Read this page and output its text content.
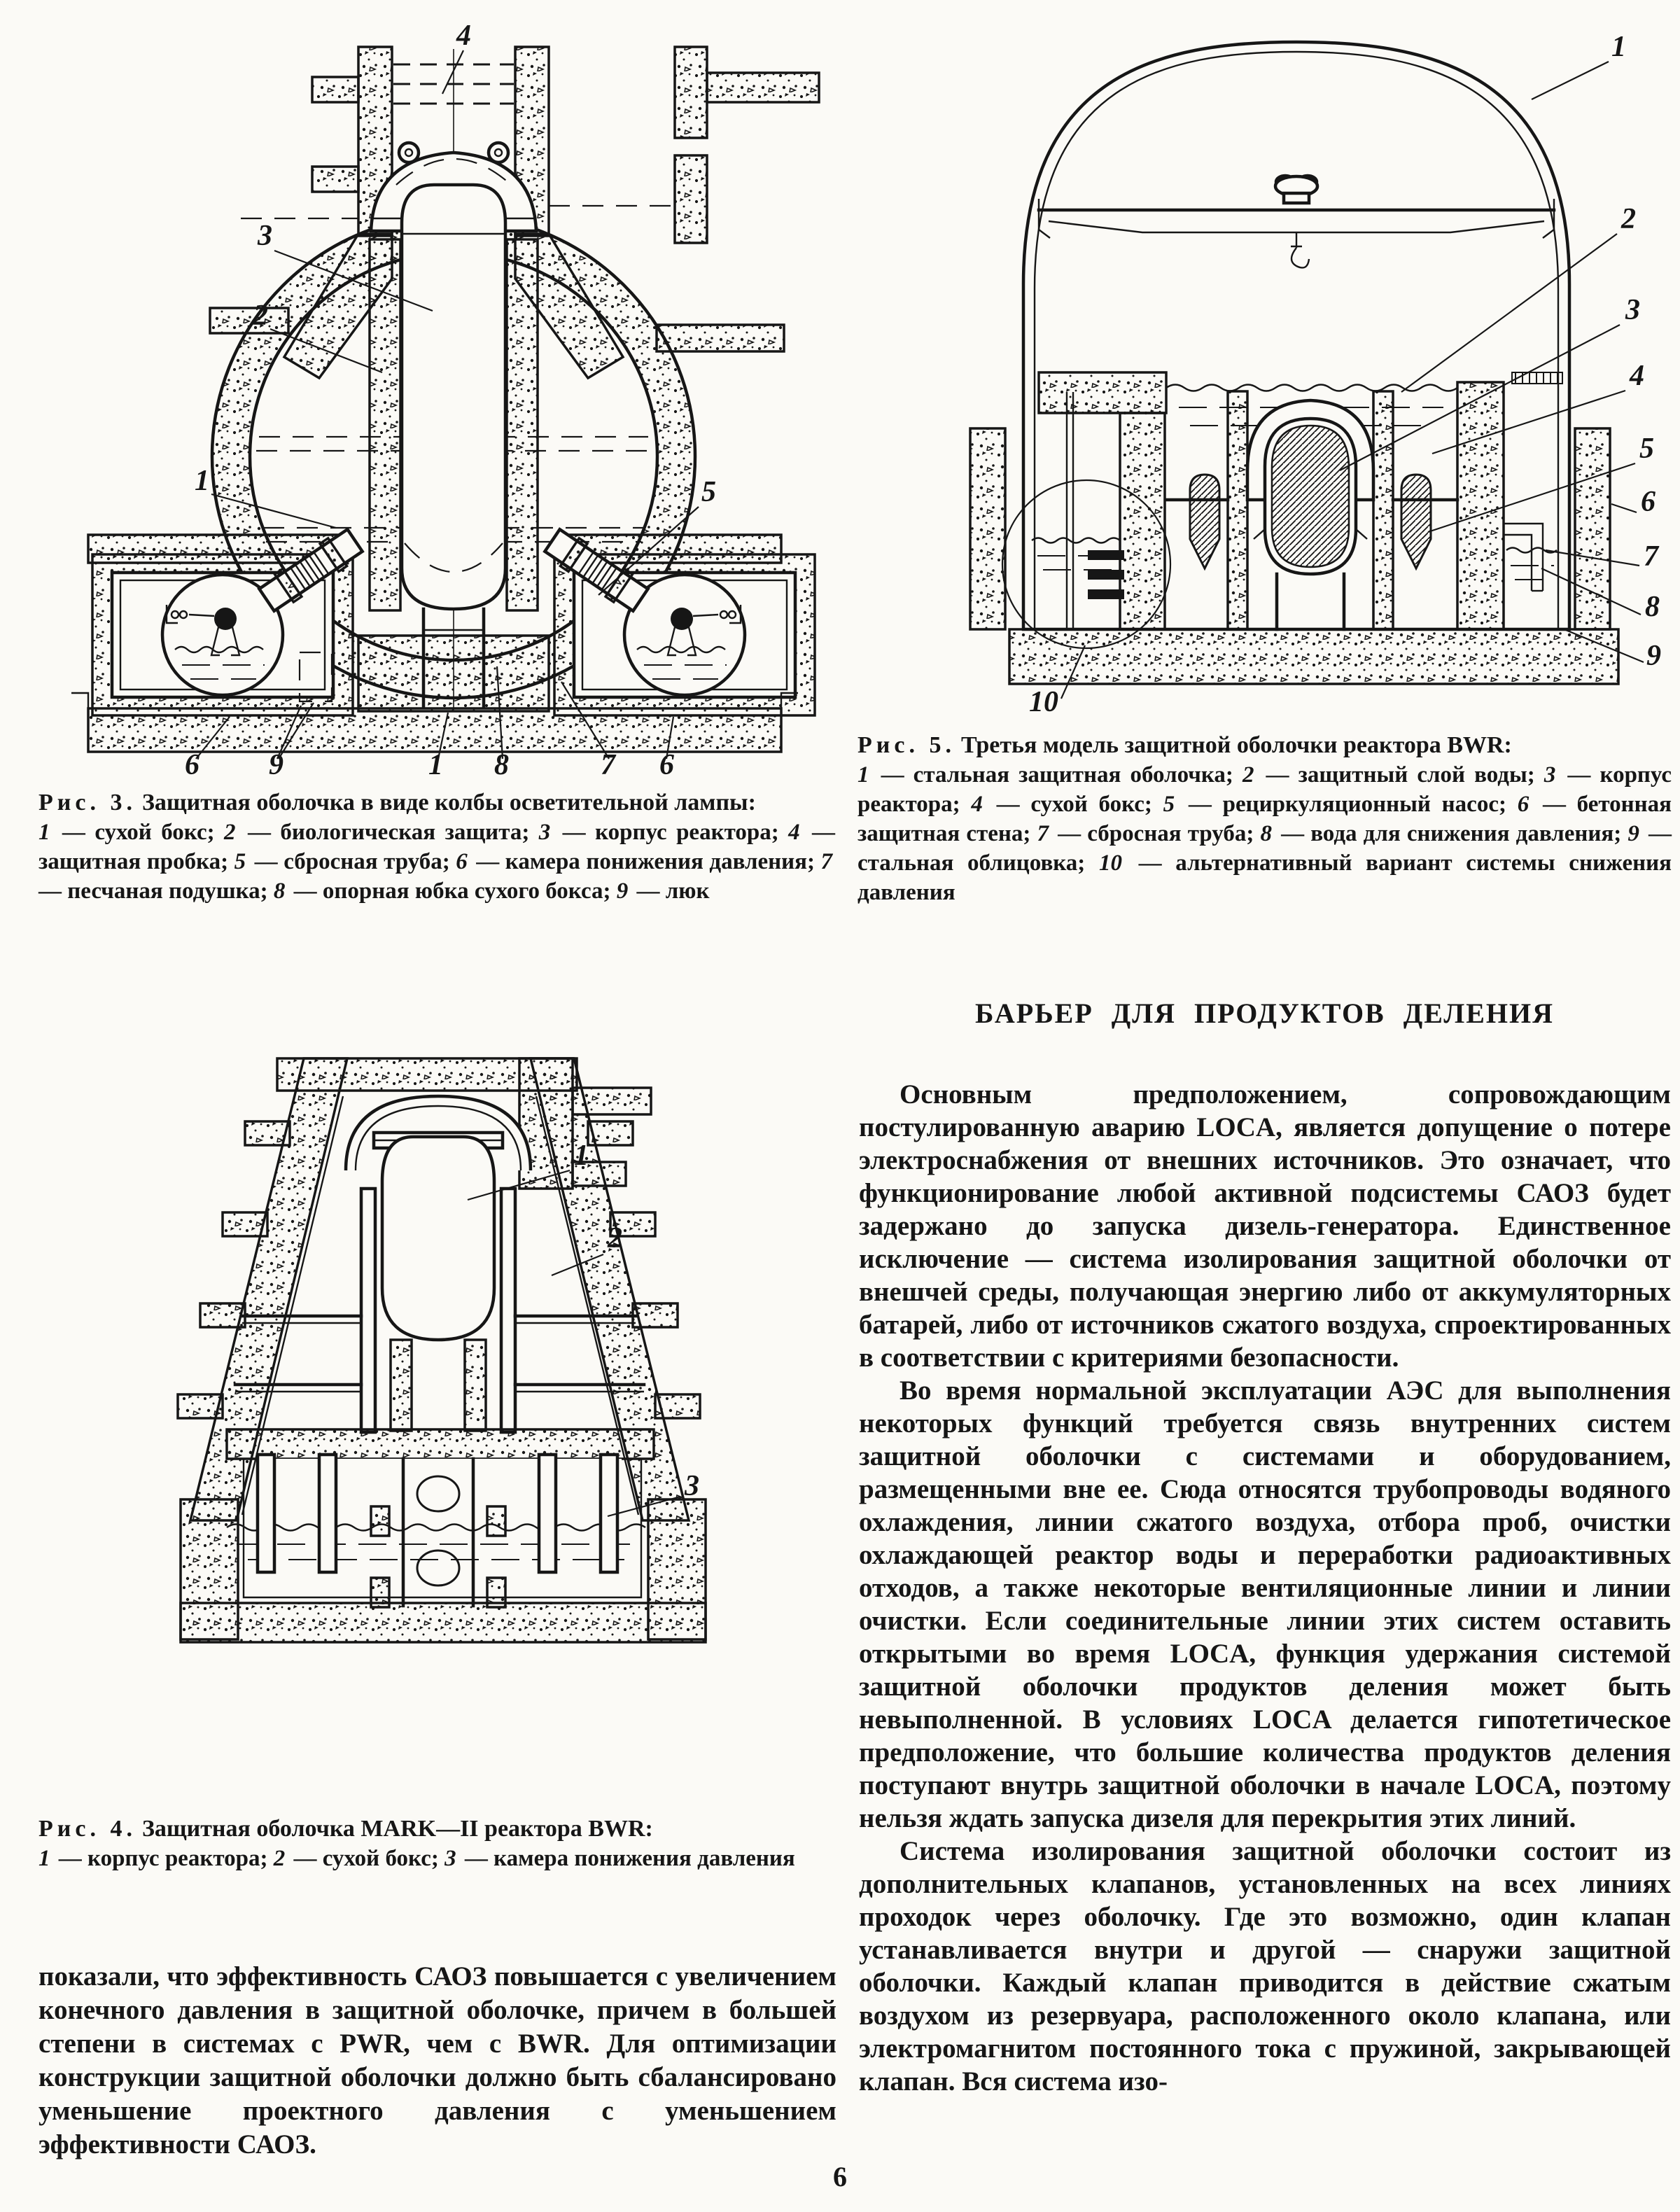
4
3
2
1	5
6 9	1 8	7 6
1
2
3
4
5
6
7
8
9
10
1
2
3

Рис. 3. Защитная оболочка в виде колбы осветительной лампы:

1 — сухой бокс; 2 — биологическая защита; 3 — корпус реактора; 4 — защитная пробка; 5 — сбросная труба; 6 — камера понижения давления; 7 — песчаная подушка; 8 — опорная юбка сухого бокса; 9 — люк

Рис. 5. Третья модель защитной оболочки реактора BWR:

1 — стальная защитная оболочка; 2 — защитный слой воды; 3 — корпус реактора; 4 — сухой бокс; 5 — рециркуляционный насос; 6 — бетонная защитная стена; 7 — сбросная труба; 8 — вода для снижения давления; 9 — стальная облицовка; 10 — альтернативный вариант системы снижения давления

БАРЬЕР ДЛЯ ПРОДУКТОВ ДЕЛЕНИЯ

Основным предположением, сопровождающим постулированную аварию LOCA, является допущение о потере электроснабжения от внешних источников. Это означает, что функционирование любой активной подсистемы САОЗ будет задержано до запуска дизель-генератора. Единственное исключение — система изолирования защитной оболочки от внешчей среды, получающая энергию либо от аккумуляторных батарей, либо от источников сжатого воздуха, спроектированных в соответствии с критериями безопасности.

Во время нормальной эксплуатации АЭС для выполнения некоторых функций требуется связь внутренних систем защитной оболочки с системами и оборудованием, размещенными вне ее. Сюда относятся трубопроводы водяного охлаждения, линии сжатого воздуха, отбора проб, очистки охлаждающей реактор воды и переработки радиоактивных отходов, а также некоторые вентиляционные линии и линии очистки. Если соединительные линии этих систем оставить открытыми во время LOCA, функция удержания системой защитной оболочки продуктов деления может быть невыполненной. В условиях LOCA делается гипотетическое предположение, что большие количества продуктов деления поступают внутрь защитной оболочки в начале LOCA, поэтому нельзя ждать запуска дизеля для перекрытия этих линий.

Система изолирования защитной оболочки состоит из дополнительных клапанов, установленных на всех линиях проходок через оболочку. Где это возможно, один клапан устанавливается внутри и другой — снаружи защитной оболочки. Каждый клапан приводится в действие сжатым воздухом из резервуара, расположенного около клапана, или электромагнитом постоянного тока с пружиной, закрывающей клапан. Вся система изо-

Рис. 4. Защитная оболочка MARK—II реактора BWR:

1 — корпус реактора; 2 — сухой бокс; 3 — камера понижения давления

показали, что эффективность САОЗ повышается с увеличением конечного давления в защитной оболочке, причем в большей степени в системах с PWR, чем с BWR. Для оптимизации конструкции защитной оболочки должно быть сбалансировано уменьшение проектного давления с уменьшением эффективности САОЗ.

6
